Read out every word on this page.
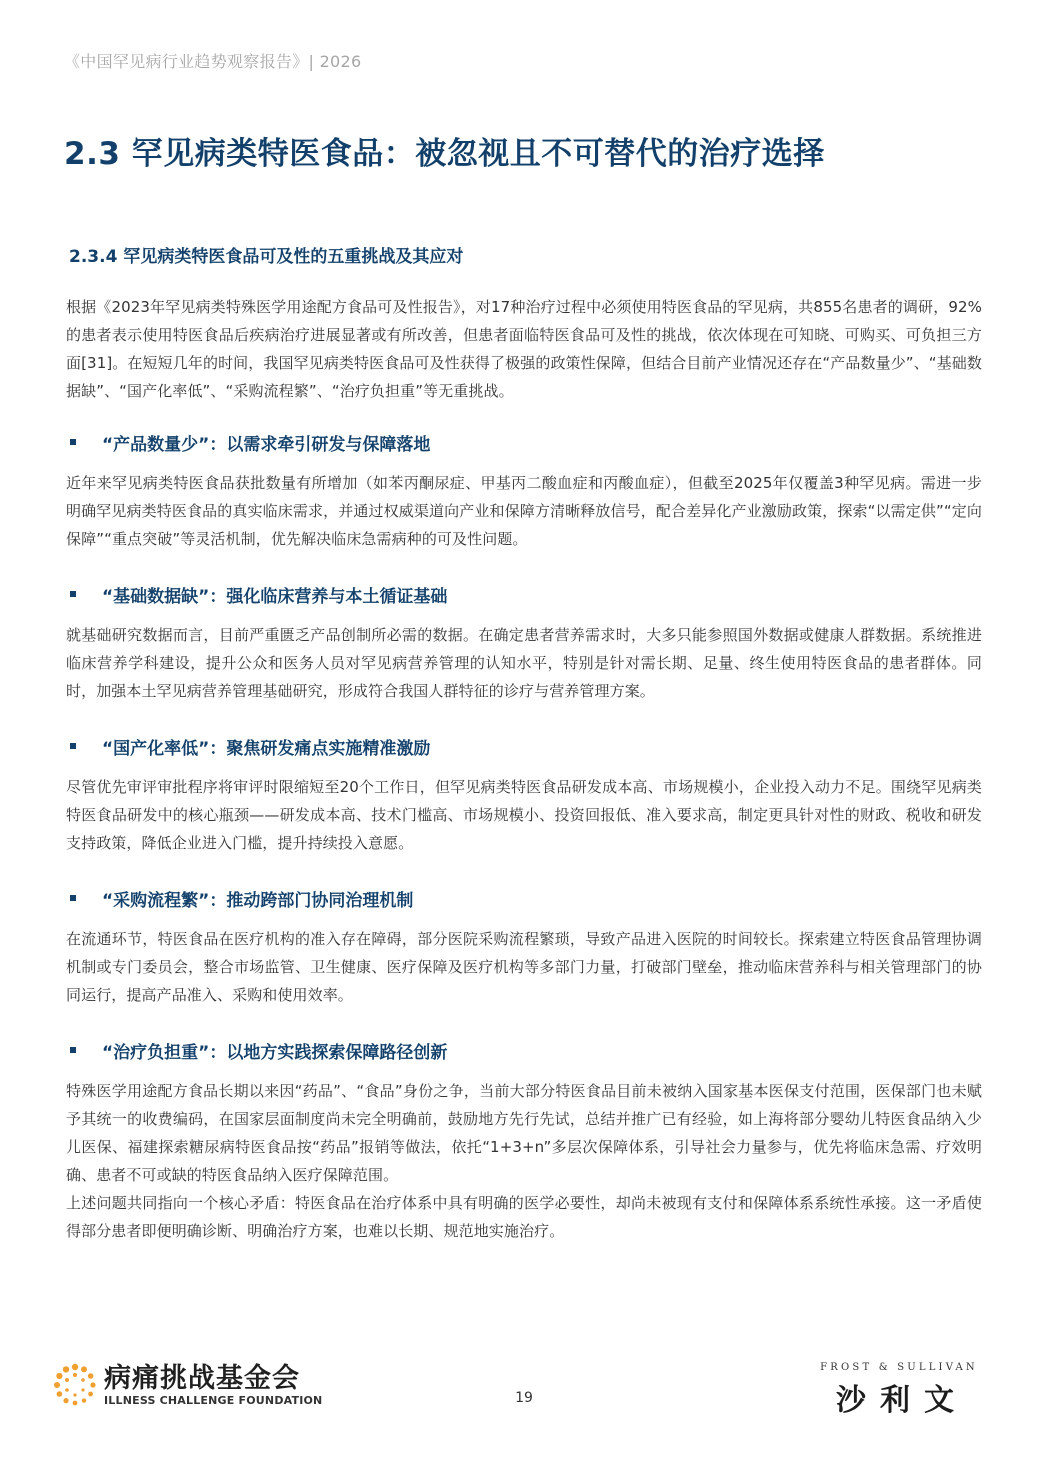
《中国罕见病行业趋势观察报告》| 2026
2.3 罕见病类特医食品：被忽视且不可替代的治疗选择
2.3.4 罕见病类特医食品可及性的五重挑战及其应对

根据《2023年罕见病类特殊医学用途配方食品可及性报告》，对17种治疗过程中必须使用特医食品的罕见病，共855名患者的调研，92%的患者表示使用特医食品后疾病治疗进展显著或有所改善，但患者面临特医食品可及性的挑战，依次体现在可知晓、可购买、可负担三方面[31]。在短短几年的时间，我国罕见病类特医食品可及性获得了极强的政策性保障，但结合目前产业情况还存在“产品数量少”、“基础数据缺”、“国产化率低”、“采购流程繁”、“治疗负担重”等无重挑战。

“产品数量少”：以需求牵引研发与保障落地

近年来罕见病类特医食品获批数量有所增加（如苯丙酮尿症、甲基丙二酸血症和丙酸血症），但截至2025年仅覆盖3种罕见病。需进一步明确罕见病类特医食品的真实临床需求，并通过权威渠道向产业和保障方清晰释放信号，配合差异化产业激励政策，探索“以需定供”“定向保障”“重点突破”等灵活机制，优先解决临床急需病种的可及性问题。

“基础数据缺”：强化临床营养与本土循证基础

就基础研究数据而言，目前严重匮乏产品创制所必需的数据。在确定患者营养需求时，大多只能参照国外数据或健康人群数据。系统推进临床营养学科建设，提升公众和医务人员对罕见病营养管理的认知水平，特别是针对需长期、足量、终生使用特医食品的患者群体。同时，加强本土罕见病营养管理基础研究，形成符合我国人群特征的诊疗与营养管理方案。

“国产化率低”：聚焦研发痛点实施精准激励

尽管优先审评审批程序将审评时限缩短至20个工作日，但罕见病类特医食品研发成本高、市场规模小，企业投入动力不足。围绕罕见病类特医食品研发中的核心瓶颈——研发成本高、技术门槛高、市场规模小、投资回报低、准入要求高，制定更具针对性的财政、税收和研发支持政策，降低企业进入门槛，提升持续投入意愿。

“采购流程繁”：推动跨部门协同治理机制

在流通环节，特医食品在医疗机构的准入存在障碍，部分医院采购流程繁琐，导致产品进入医院的时间较长。探索建立特医食品管理协调机制或专门委员会，整合市场监管、卫生健康、医疗保障及医疗机构等多部门力量，打破部门壁垒，推动临床营养科与相关管理部门的协同运行，提高产品准入、采购和使用效率。

“治疗负担重”：以地方实践探索保障路径创新

特殊医学用途配方食品长期以来因“药品”、“食品”身份之争，当前大部分特医食品目前未被纳入国家基本医保支付范围，医保部门也未赋予其统一的收费编码，在国家层面制度尚未完全明确前，鼓励地方先行先试，总结并推广已有经验，如上海将部分婴幼儿特医食品纳入少儿医保、福建探索糖尿病特医食品按“药品”报销等做法，依托“1+3+n”多层次保障体系，引导社会力量参与，优先将临床急需、疗效明确、患者不可或缺的特医食品纳入医疗保障范围。

上述问题共同指向一个核心矛盾：特医食品在治疗体系中具有明确的医学必要性，却尚未被现有支付和保障体系系统性承接。这一矛盾使得部分患者即便明确诊断、明确治疗方案，也难以长期、规范地实施治疗。

病痛挑战基金会
ILLNESS CHALLENGE FOUNDATION	19
FROST & SULLIVAN
沙利文
